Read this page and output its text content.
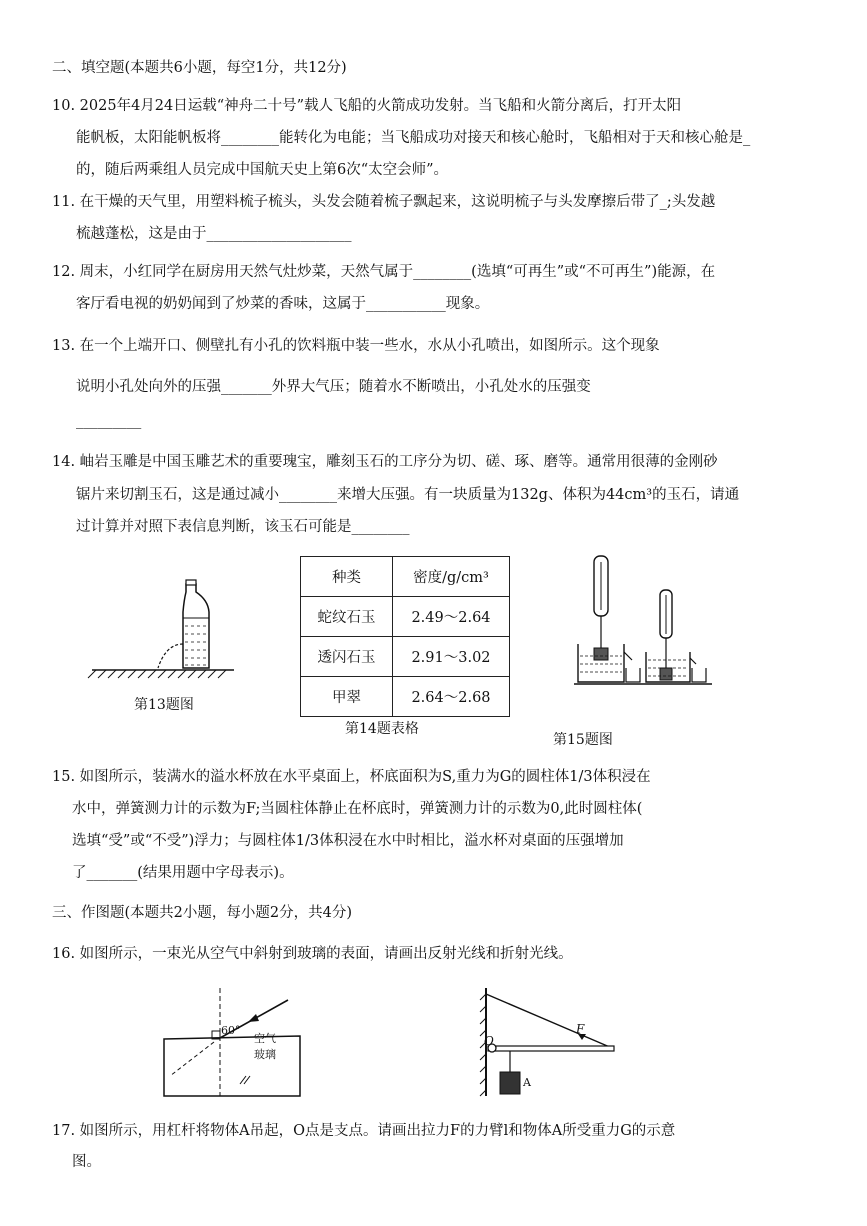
二、填空题(本题共6小题，每空1分，共12分)
10. 2025年4月24日运载“神舟二十号”载人飞船的火箭成功发射。当飞船和火箭分离后，打开太阳
能帆板，太阳能帆板将________能转化为电能；当飞船成功对接天和核心舱时，飞船相对于天和核心舱是_
的，随后两乘组人员完成中国航天史上第6次“太空会师”。
11. 在干燥的天气里，用塑料梳子梳头，头发会随着梳子飘起来，这说明梳子与头发摩擦后带了_;头发越
梳越蓬松，这是由于____________________
12. 周末，小红同学在厨房用天然气灶炒菜，天然气属于________(选填“可再生”或“不可再生”)能源，在
客厅看电视的奶奶闻到了炒菜的香味，这属于___________现象。
13. 在一个上端开口、侧壁扎有小孔的饮料瓶中装一些水，水从小孔喷出，如图所示。这个现象
说明小孔处向外的压强_______外界大气压；随着水不断喷出，小孔处水的压强变
_________
14. 岫岩玉雕是中国玉雕艺术的重要瑰宝，雕刻玉石的工序分为切、磋、琢、磨等。通常用很薄的金刚砂
锯片来切割玉石，这是通过减小________来增大压强。有一块质量为132g、体积为44cm³的玉石，请通
过计算并对照下表信息判断，该玉石可能是________
第13题图
种类	密度/g/cm³
蛇纹石玉	2.49～2.64
透闪石玉	2.91～3.02
甲翠	2.64～2.68
第14题表格
第15题图
15. 如图所示，装满水的溢水杯放在水平桌面上，杯底面积为S,重力为G的圆柱体1/3体积浸在
水中，弹簧测力计的示数为F;当圆柱体静止在杯底时，弹簧测力计的示数为0,此时圆柱体(
选填“受”或“不受”)浮力；与圆柱体1/3体积浸在水中时相比，溢水杯对桌面的压强增加
了_______(结果用题中字母表示)。
三、作图题(本题共2小题，每小题2分，共4分)
16. 如图所示，一束光从空气中斜射到玻璃的表面，请画出反射光线和折射光线。
60°
空气
玻璃
O
F
A
17. 如图所示，用杠杆将物体A吊起，O点是支点。请画出拉力F的力臂l和物体A所受重力G的示意
图。
